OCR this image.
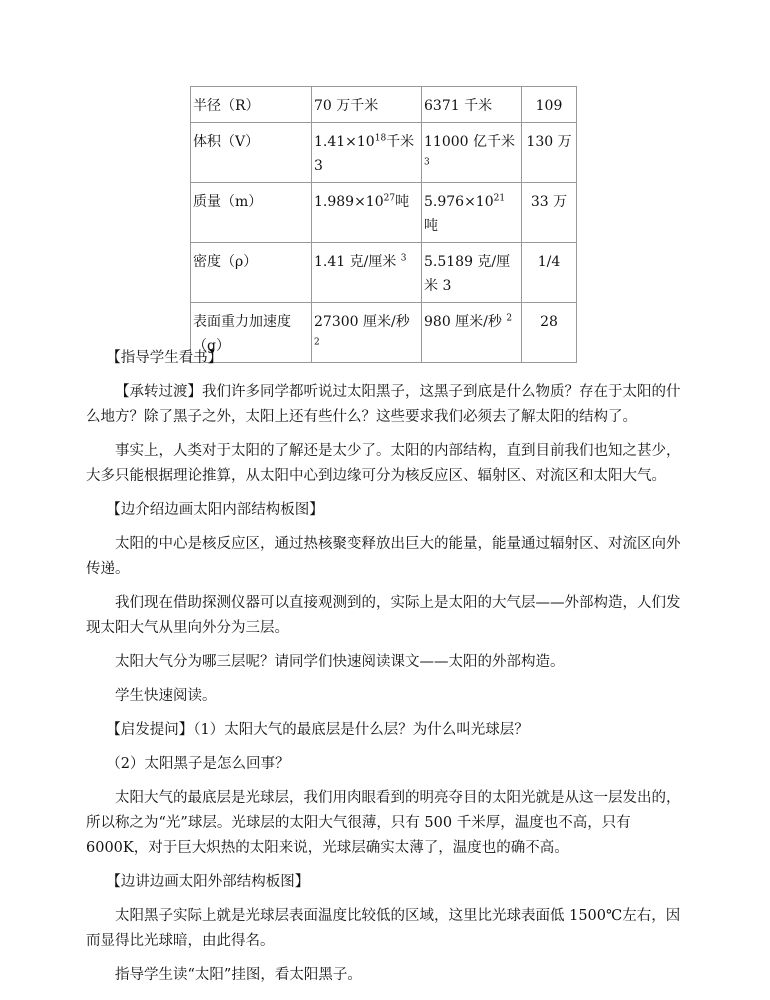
半径（R）	70 万千米	6371 千米	109
体积（V）	$1.41\times 10^{18}$千米 3	11000 亿千米 $^3$	130 万
质量（m）	$1.989\times 10^{27}$吨	$5.976\times 10^{21}$吨	33 万
密度（ρ）	1.41 克/厘米 $^3$	5.5189 克/厘米 3	1/4
表面重力加速度（g）	27300 厘米/秒 $^2$	980 厘米/秒 $^2$	28

【指导学生看书】

【承转过渡】我们许多同学都听说过太阳黑子，这黑子到底是什么物质？存在于太阳的什么地方？除了黑子之外，太阳上还有些什么？这些要求我们必须去了解太阳的结构了。

事实上，人类对于太阳的了解还是太少了。太阳的内部结构，直到目前我们也知之甚少，大多只能根据理论推算，从太阳中心到边缘可分为核反应区、辐射区、对流区和太阳大气。

【边介绍边画太阳内部结构板图】

太阳的中心是核反应区，通过热核聚变释放出巨大的能量，能量通过辐射区、对流区向外传递。

我们现在借助探测仪器可以直接观测到的，实际上是太阳的大气层——外部构造，人们发现太阳大气从里向外分为三层。

太阳大气分为哪三层呢？请同学们快速阅读课文——太阳的外部构造。

学生快速阅读。

【启发提问】（1）太阳大气的最底层是什么层？为什么叫光球层？

（2）太阳黑子是怎么回事？

太阳大气的最底层是光球层，我们用肉眼看到的明亮夺目的太阳光就是从这一层发出的，所以称之为“光”球层。光球层的太阳大气很薄，只有 500 千米厚，温度也不高，只有 6000K，对于巨大炽热的太阳来说，光球层确实太薄了，温度也的确不高。

【边讲边画太阳外部结构板图】

太阳黑子实际上就是光球层表面温度比较低的区域，这里比光球表面低 1500℃左右，因而显得比光球暗，由此得名。

指导学生读“太阳”挂图，看太阳黑子。
